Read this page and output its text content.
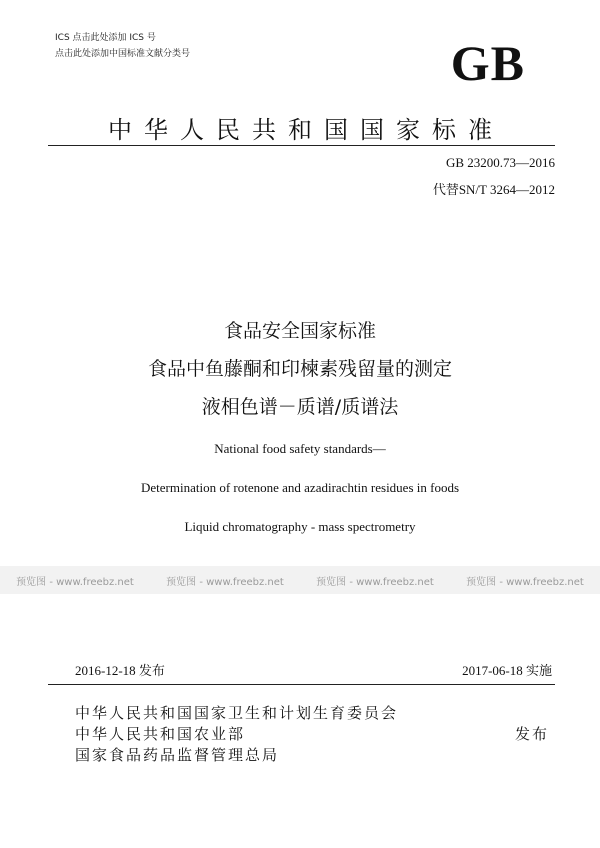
ICS 点击此处添加 ICS 号
点击此处添加中国标准文献分类号	GB
中华人民共和国国家标准
GB 23200.73—2016
代替SN/T 3264—2012
食品安全国家标准
食品中鱼藤酮和印楝素残留量的测定
液相色谱－质谱/质谱法
National food safety standards—
Determination of rotenone and azadirachtin residues in foods
Liquid chromatography - mass spectrometry
预览图 - www.freebz.net	预览图 - www.freebz.net	预览图 - www.freebz.net	预览图 - www.freebz.net
2016-12-18 发布	2017-06-18 实施
中华人民共和国国家卫生和计划生育委员会
中华人民共和国农业部
国家食品药品监督管理总局
发布
